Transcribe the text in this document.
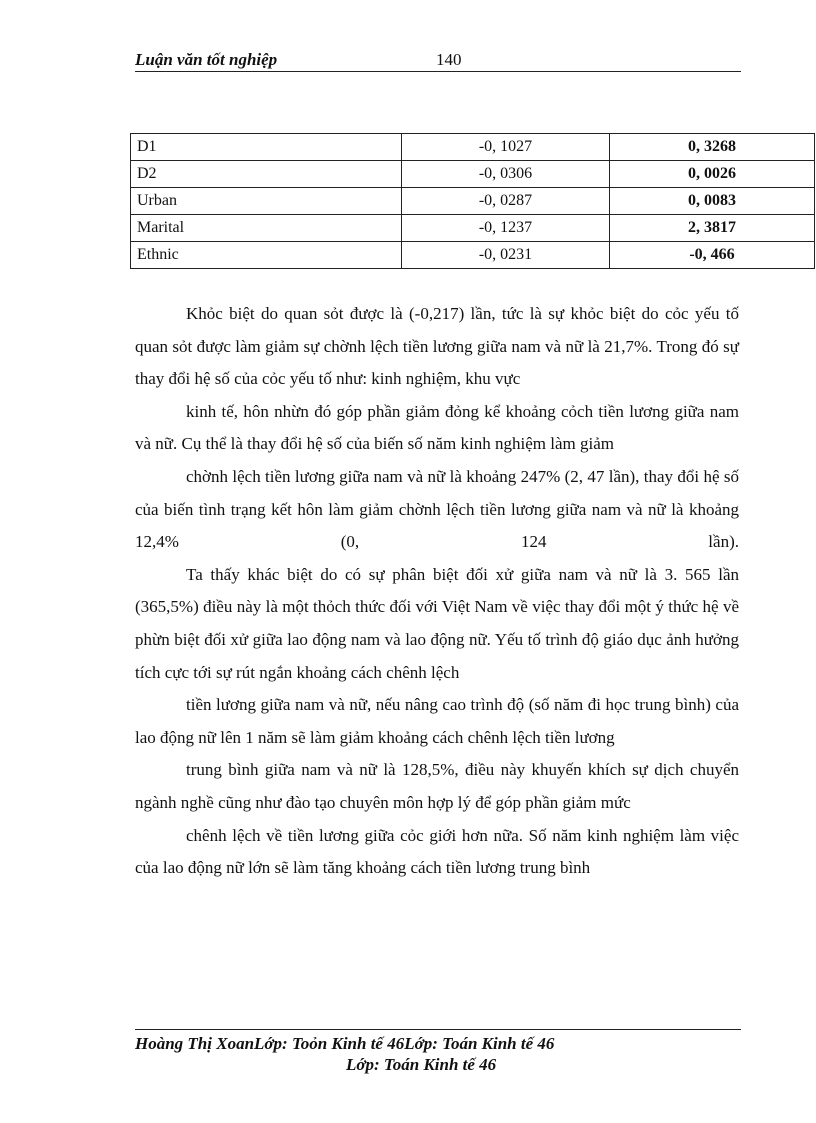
Luận văn tốt nghiệp	140
D1	-0, 1027	0, 3268
D2	-0, 0306	0, 0026
Urban	-0, 0287	0, 0083
Marital	-0, 1237	2, 3817
Ethnic	-0, 0231	-0, 466

Khỏc biệt do quan sỏt được là (-0,217) lần, tức là sự khỏc biệt do cỏc yếu tố quan sỏt được làm giảm sự chờnh lệch tiền lương giữa nam và nữ là 21,7%. Trong đó sự thay đổi hệ số của cỏc yếu tố như: kinh nghiệm, khu vực

kinh tế, hôn nhừn đó góp phần giảm đỏng kể khoảng cỏch tiền lương giữa nam và nữ. Cụ thể là thay đổi hệ số của biến số năm kinh nghiệm làm giảm

chờnh lệch tiền lương giữa nam và nữ là khoảng 247% (2, 47 lần), thay đổi hệ số của biến tình trạng kết hôn làm giảm chờnh lệch tiền lương giữa nam và nữ là khoảng 12,4% (0, 124 lần).

Ta thấy khác biệt do có sự phân biệt đối xử giữa nam và nữ là 3. 565 lần (365,5%) điều này là một thỏch thức đối với Việt Nam về việc thay đổi một ý thức hệ về phừn biệt đối xử giữa lao động nam và lao động nữ. Yếu tố trình độ giáo dục ảnh hưởng tích cực tới sự rút ngắn khoảng cách chênh lệch

tiền lương giữa nam và nữ, nếu nâng cao trình độ (số năm đi học trung bình) của lao động nữ lên 1 năm sẽ làm giảm khoảng cách chênh lệch tiền lương

trung bình giữa nam và nữ là 128,5%, điều này khuyến khích sự dịch chuyển ngành nghề cũng như đào tạo chuyên môn hợp lý để góp phần giảm mức

chênh lệch về tiền lương giữa cỏc giới hơn nữa. Số năm kinh nghiệm làm việc của lao động nữ lớn sẽ làm tăng khoảng cách tiền lương trung bình

Hoàng Thị XoanLớp: Toỏn Kinh tế 46Lớp: Toán Kinh tế 46
Lớp: Toán Kinh tế 46
